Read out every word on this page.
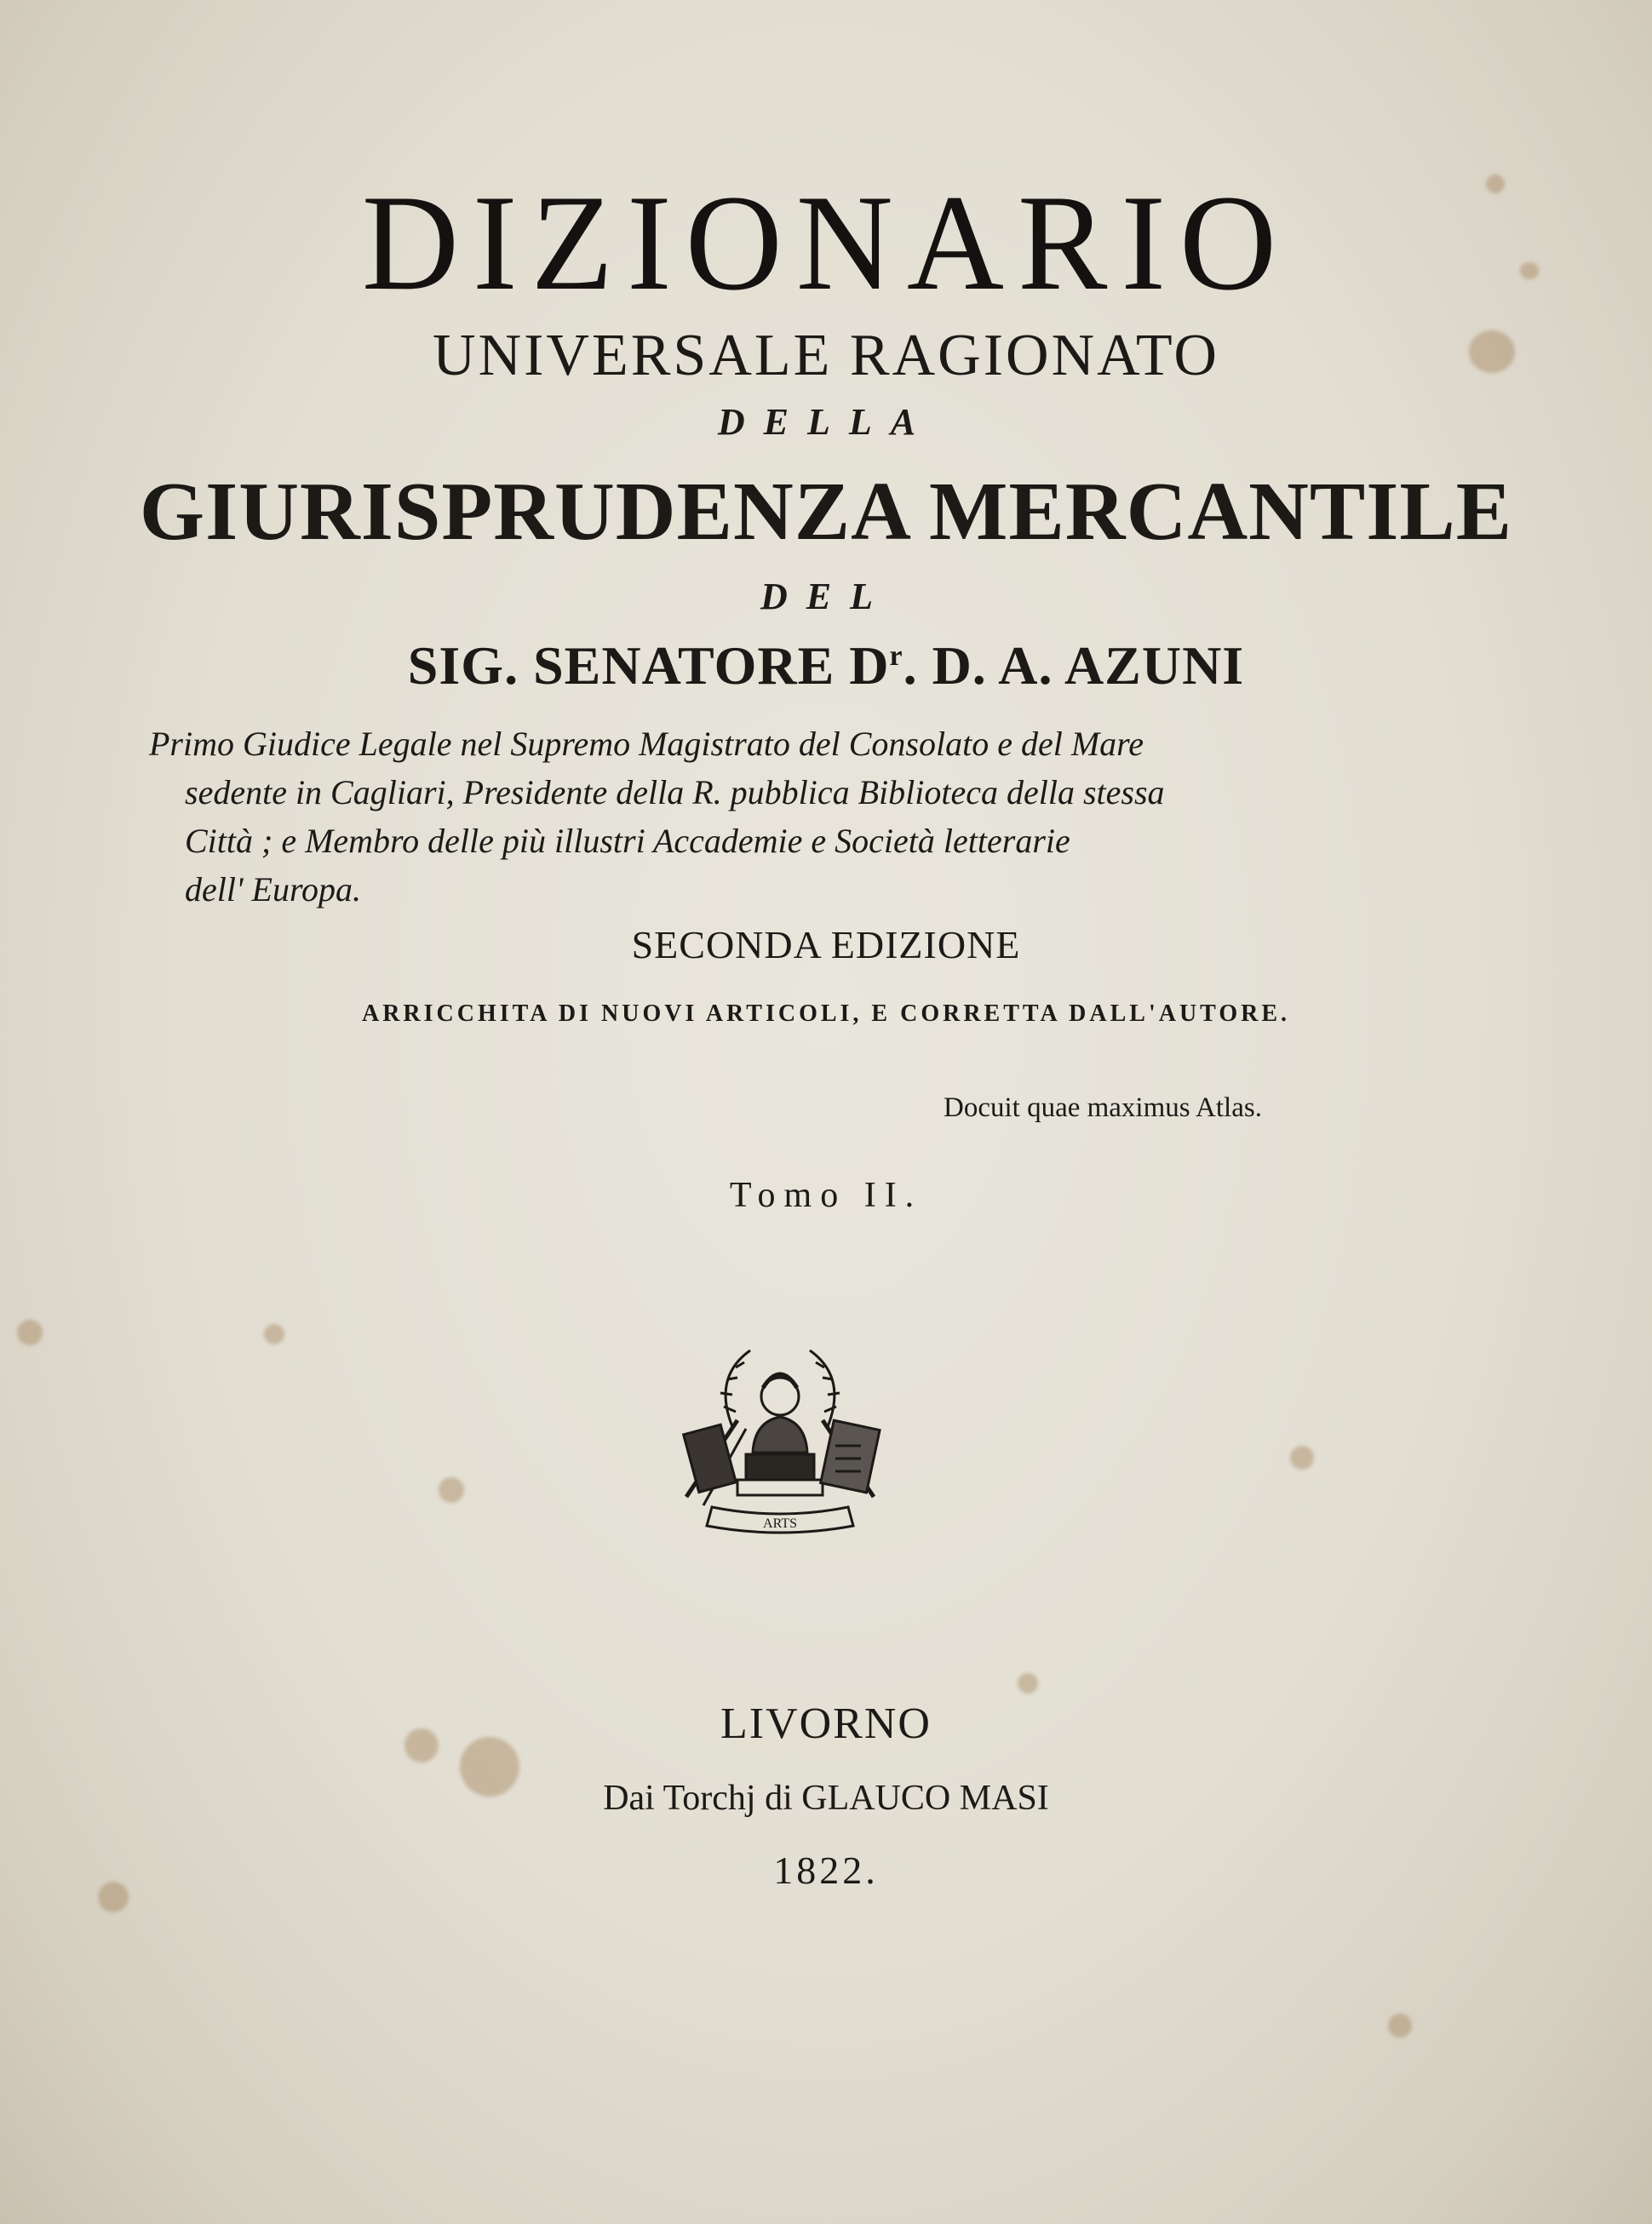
DIZIONARIO
UNIVERSALE RAGIONATO
DELLA
GIURISPRUDENZA MERCANTILE
DEL
SIG. SENATORE $D^r$. D. A. AZUNI
Primo Giudice Legale nel Supremo Magistrato del Consolato e del Mare
sedente in Cagliari, Presidente della R. pubblica Biblioteca della stessa
Città ; e Membro delle più illustri Accademie e Società letterarie
dell' Europa.
SECONDA EDIZIONE
ARRICCHITA DI NUOVI ARTICOLI, E CORRETTA DALL'AUTORE.
Docuit quae maximus Atlas.
Tomo II.
ARTS
LIVORNO
Dai Torchj di GLAUCO MASI
1822.
